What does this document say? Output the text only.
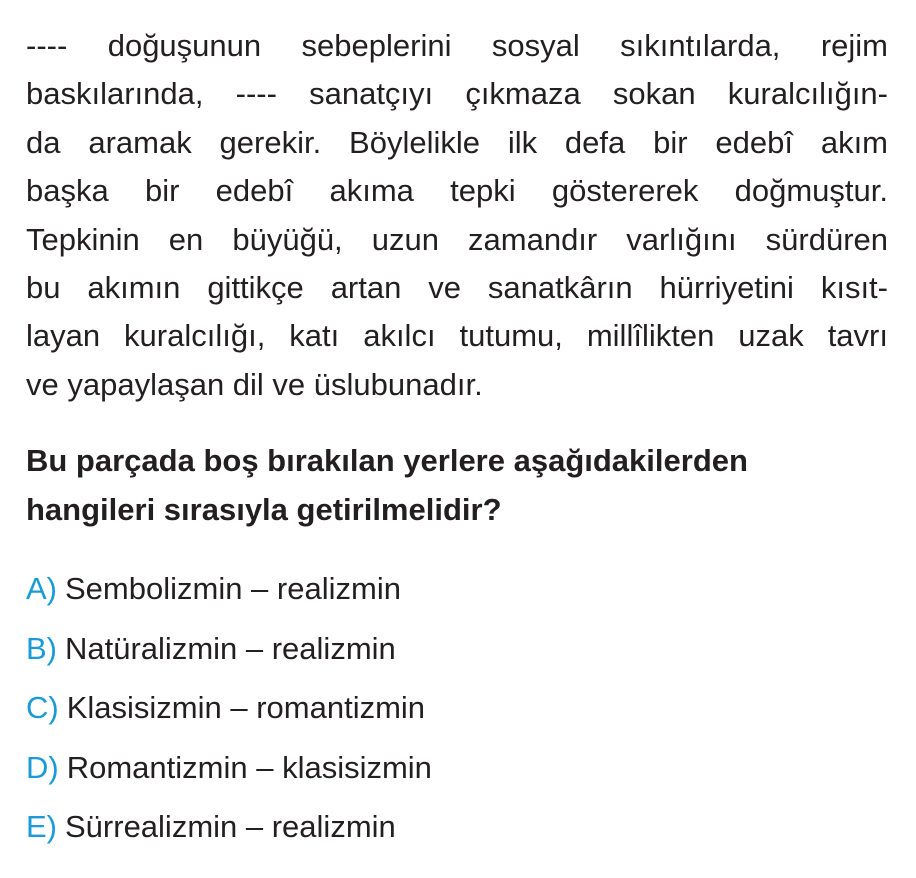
---- doğuşunun sebeplerini sosyal sıkıntılarda, rejim
baskılarında, ---- sanatçıyı çıkmaza sokan kuralcılığın-
da aramak gerekir. Böylelikle ilk defa bir edebî akım
başka bir edebî akıma tepki göstererek doğmuştur.
Tepkinin en büyüğü, uzun zamandır varlığını sürdüren
bu akımın gittikçe artan ve sanatkârın hürriyetini kısıt-
layan kuralcılığı, katı akılcı tutumu, millîlikten uzak tavrı
ve yapaylaşan dil ve üslubunadır.
Bu parçada boş bırakılan yerlere aşağıdakilerden
hangileri sırasıyla getirilmelidir?
A) Sembolizmin – realizmin
B) Natüralizmin – realizmin
C) Klasisizmin – romantizmin
D) Romantizmin – klasisizmin
E) Sürrealizmin – realizmin
